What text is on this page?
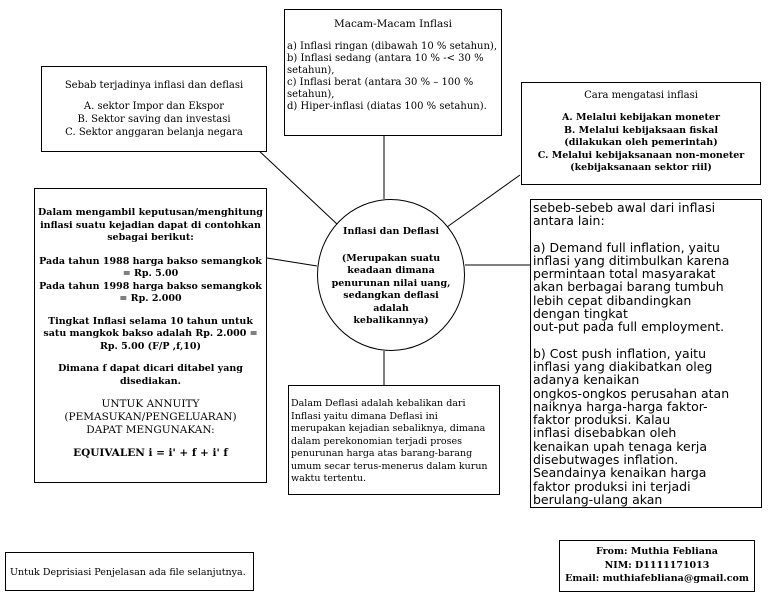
Macam-Macam Inflasi

a) Inflasi ringan (dibawah 10 % setahun),

b) Inflasi sedang (antara 10 % -< 30 %

setahun),

c) Inflasi berat (antara 30 % – 100 %

setahun),

d) Hiper-inflasi (diatas 100 % setahun).

Sebab terjadinya inflasi dan deflasi

A. sektor Impor dan Ekspor

B. Sektor saving dan investasi

C. Sektor anggaran belanja negara

Cara mengatasi inflasi

A. Melalui kebijakan moneter

B. Melalui kebijaksaan fiskal

(dilakukan oleh pemerintah)

C. Melalui kebijaksanaan non-moneter

(kebijaksanaan sektor riil)

Inflasi dan Deflasi

(Merupakan suatu

keadaan dimana

penurunan nilai uang,

sedangkan deflasi adalah

kebalikannya)

Dalam mengambil keputusan/menghitung

inflasi suatu kejadian dapat di contohkan

sebagai berikut:

Pada tahun 1988 harga bakso semangkok

= Rp. 5.00

Pada tahun 1998 harga bakso semangkok

= Rp. 2.000

Tingkat Inflasi selama 10 tahun untuk

satu mangkok bakso adalah Rp. 2.000 =

Rp. 5.00 (F/P ,f,10)

Dimana f dapat dicari ditabel yang

disediakan.

UNTUK ANNUITY

(PEMASUKAN/PENGELUARAN)

DAPAT MENGUNAKAN:

EQUIVALEN i = i' + f + i' f

Dalam Deflasi adalah kebalikan dari

Inflasi yaitu dimana Deflasi ini

merupakan kejadian sebaliknya, dimana

dalam perekonomian terjadi proses

penurunan harga atas barang-barang

umum secar terus-menerus dalam kurun

waktu tertentu.

sebeb-sebeb awal dari inflasi

antara lain:

a) Demand full inflation, yaitu

inflasi yang ditimbulkan karena

permintaan total masyarakat

akan berbagai barang tumbuh

lebih cepat dibandingkan

dengan tingkat

out-put pada full employment.

b) Cost push inflation, yaitu

inflasi yang diakibatkan oleg

adanya kenaikan

ongkos-ongkos perusahan atan

naiknya harga-harga faktor-

faktor produksi. Kalau

inflasi disebabkan oleh

kenaikan upah tenaga kerja

disebutwages inflation.

Seandainya kenaikan harga

faktor produksi ini terjadi

berulang-ulang akan

Untuk Deprisiasi Penjelasan ada file selanjutnya.

From: Muthia Febliana

NIM: D1111171013

Email: muthiafebliana@gmail.com
